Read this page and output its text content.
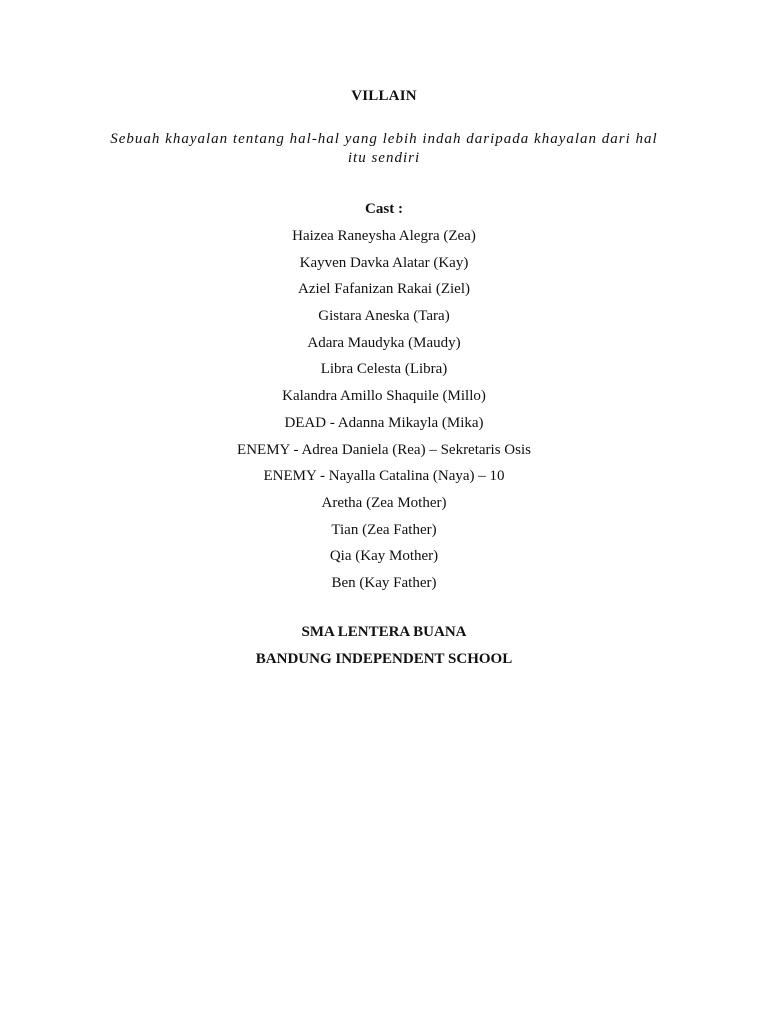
VILLAIN
Sebuah khayalan tentang hal-hal yang lebih indah daripada khayalan dari hal itu sendiri
Cast :
Haizea Raneysha Alegra (Zea)
Kayven Davka Alatar (Kay)
Aziel Fafanizan Rakai (Ziel)
Gistara Aneska (Tara)
Adara Maudyka (Maudy)
Libra Celesta (Libra)
Kalandra Amillo Shaquile (Millo)
DEAD - Adanna Mikayla (Mika)
ENEMY - Adrea Daniela (Rea) – Sekretaris Osis
ENEMY - Nayalla Catalina (Naya) – 10
Aretha (Zea Mother)
Tian (Zea Father)
Qia (Kay Mother)
Ben (Kay Father)
SMA LENTERA BUANA
BANDUNG INDEPENDENT SCHOOL
